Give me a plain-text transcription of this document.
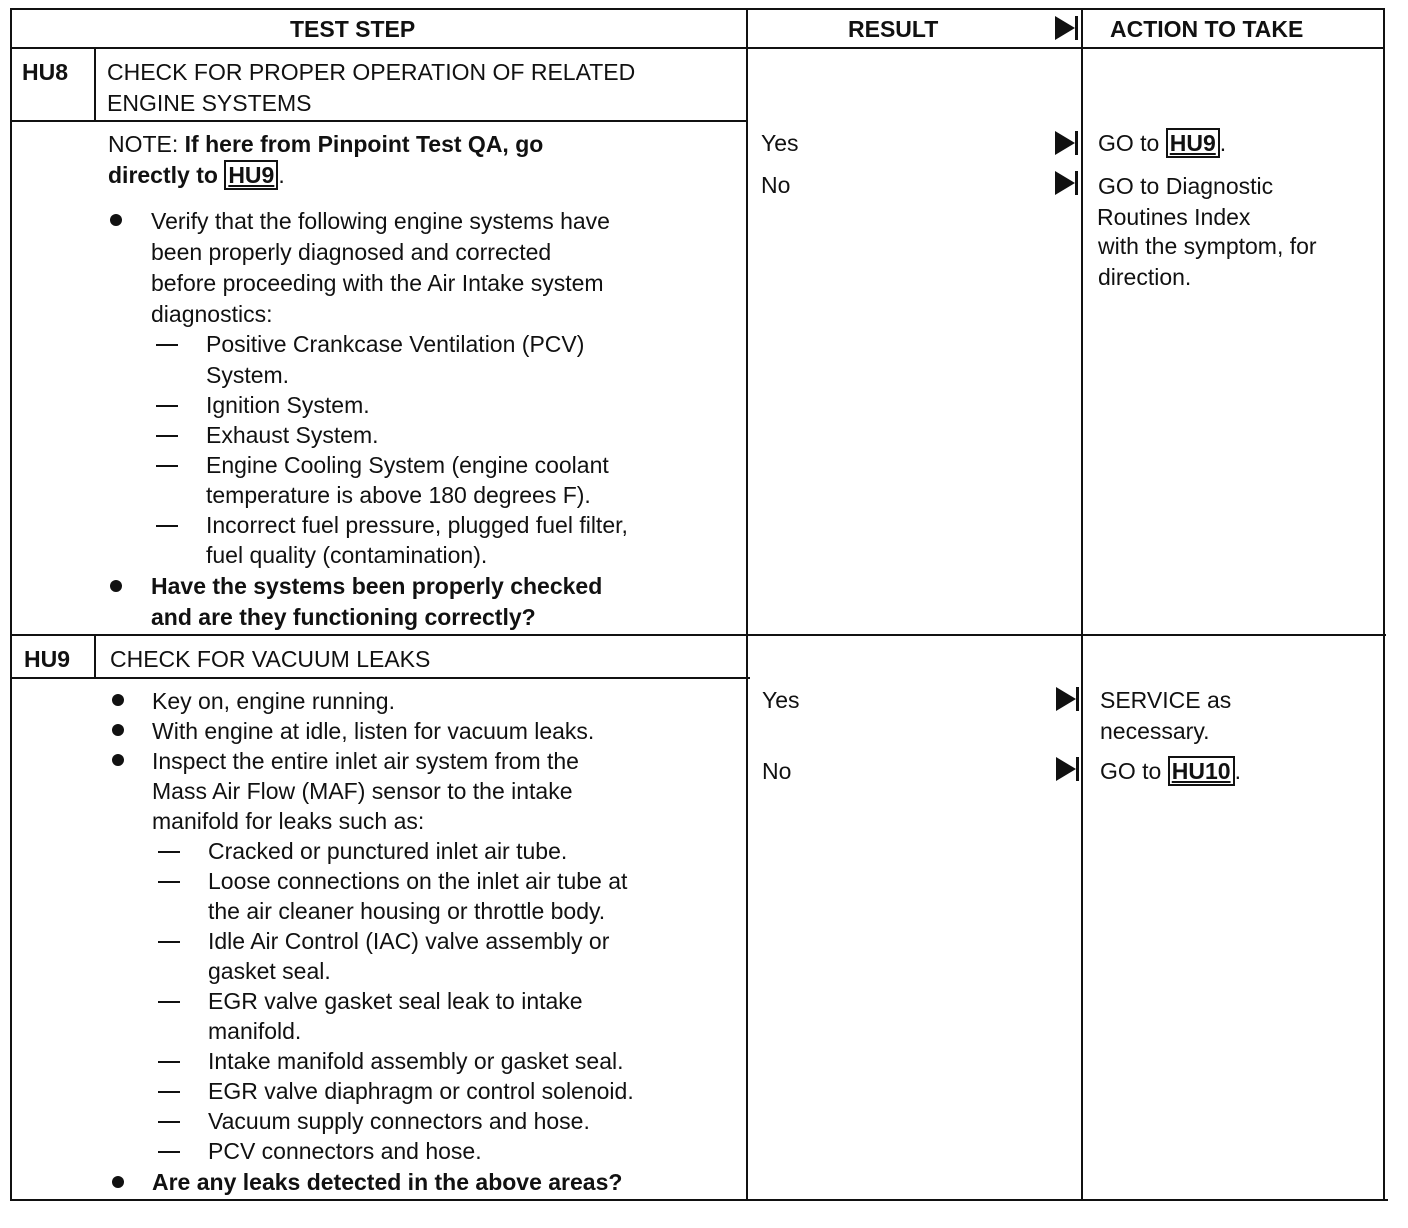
TEST STEP	RESULT	ACTION TO TAKE
HU8 CHECK FOR PROPER OPERATION OF RELATED
ENGINE SYSTEMS
NOTE: If here from Pinpoint Test QA, go
directly to HU9 .
Verify that the following engine systems have
been properly diagnosed and corrected
before proceeding with the Air Intake system
diagnostics:
Positive Crankcase Ventilation (PCV)
System.
Ignition System.
Exhaust System.
Engine Cooling System (engine coolant
temperature is above 180 degrees F).
Incorrect fuel pressure, plugged fuel filter,
fuel quality (contamination).
Have the systems been properly checked
and are they functioning correctly?
Yes
No
GO to HU9 .
GO to Diagnostic
Routines Index
with the symptom, for
direction.
HU9 CHECK FOR VACUUM LEAKS
Key on, engine running.
With engine at idle, listen for vacuum leaks.
Inspect the entire inlet air system from the
Mass Air Flow (MAF) sensor to the intake
manifold for leaks such as:
Cracked or punctured inlet air tube.
Loose connections on the inlet air tube at
the air cleaner housing or throttle body.
Idle Air Control (IAC) valve assembly or
gasket seal.
EGR valve gasket seal leak to intake
manifold.
Intake manifold assembly or gasket seal.
EGR valve diaphragm or control solenoid.
Vacuum supply connectors and hose.
PCV connectors and hose.
Are any leaks detected in the above areas?
Yes
No
SERVICE as
necessary.
GO to HU10 .
